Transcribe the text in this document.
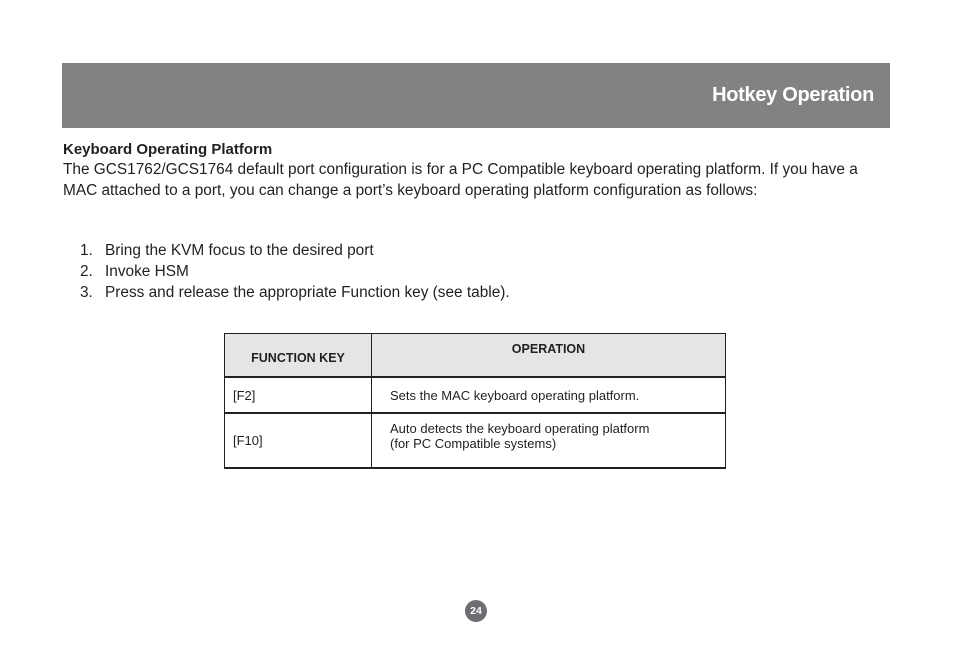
Hotkey Operation
Keyboard Operating Platform

The GCS1762/GCS1764 default port configuration is for a PC Compatible keyboard operating platform. If you have a MAC attached to a port, you can change a port’s keyboard operating platform configuration as follows:

1. Bring the KVM focus to the desired port
2. Invoke HSM
3. Press and release the appropriate Function key (see table).
FUNCTION KEY	OPERATION
[F2]	Sets the MAC keyboard operating platform.

[F10]	Auto detects the keyboard operating platform
(for PC Compatible systems)
24
